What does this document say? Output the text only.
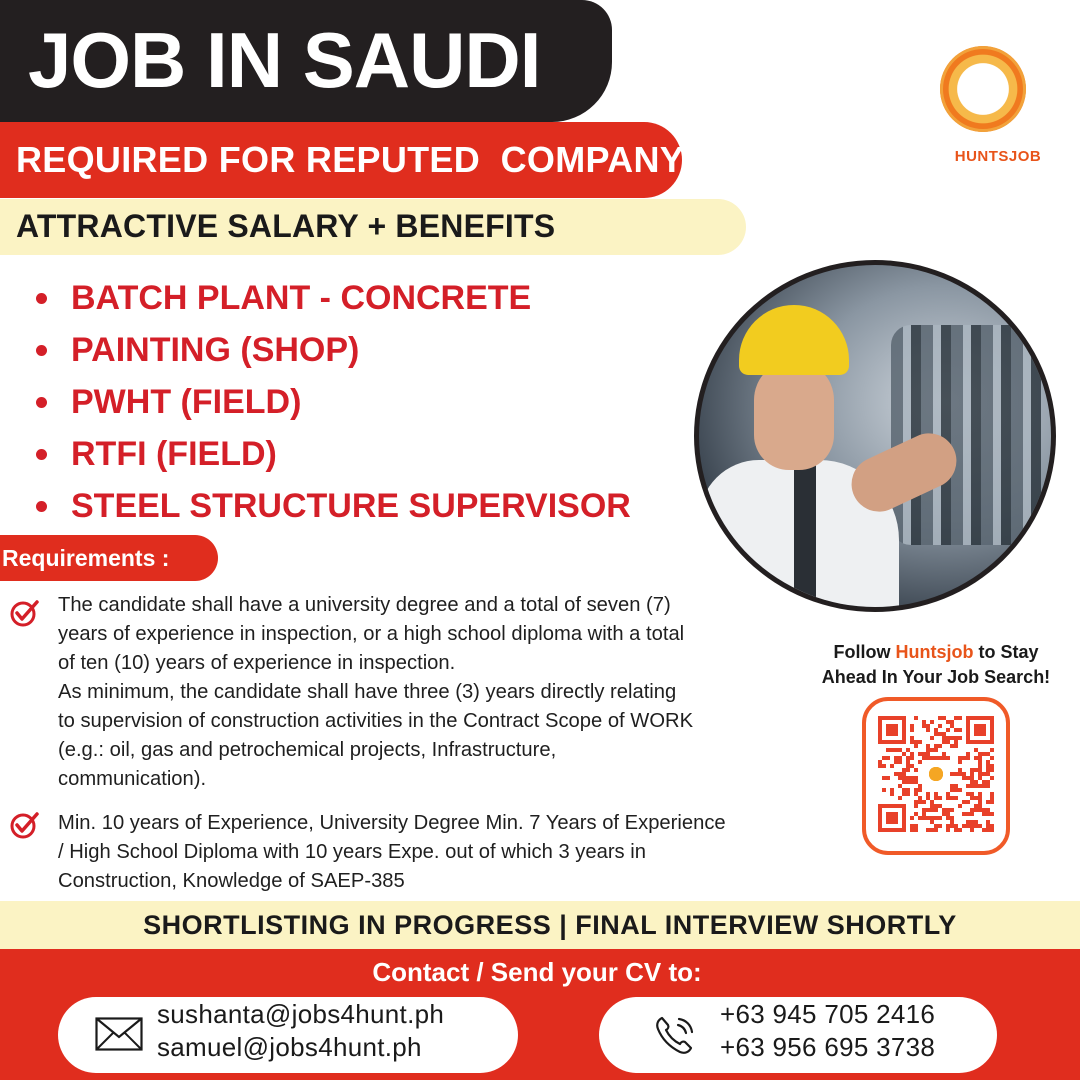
JOB IN SAUDI
REQUIRED FOR REPUTED  COMPANY
ATTRACTIVE SALARY + BENEFITS
HUNTSJOB
BATCH PLANT - CONCRETE
PAINTING (SHOP)
PWHT (FIELD)
RTFI (FIELD)
STEEL STRUCTURE SUPERVISOR
Requirements :
The candidate shall have a university degree and a total of seven (7)
years of experience in inspection, or a high school diploma with a total
of ten (10) years of experience in inspection.
As minimum, the candidate shall have three (3) years directly relating
to supervision of construction activities in the Contract Scope of WORK
(e.g.: oil, gas and petrochemical projects, Infrastructure,
communication).
Min. 10 years of Experience, University Degree Min. 7 Years of Experience
/ High School Diploma with 10 years Expe. out of which 3 years in
Construction, Knowledge of SAEP-385
Follow Huntsjob to Stay
Ahead In Your Job Search!
SHORTLISTING IN PROGRESS | FINAL INTERVIEW SHORTLY
Contact / Send your CV to:
sushanta@jobs4hunt.ph
samuel@jobs4hunt.ph
+63 945 705 2416
+63 956 695 3738
